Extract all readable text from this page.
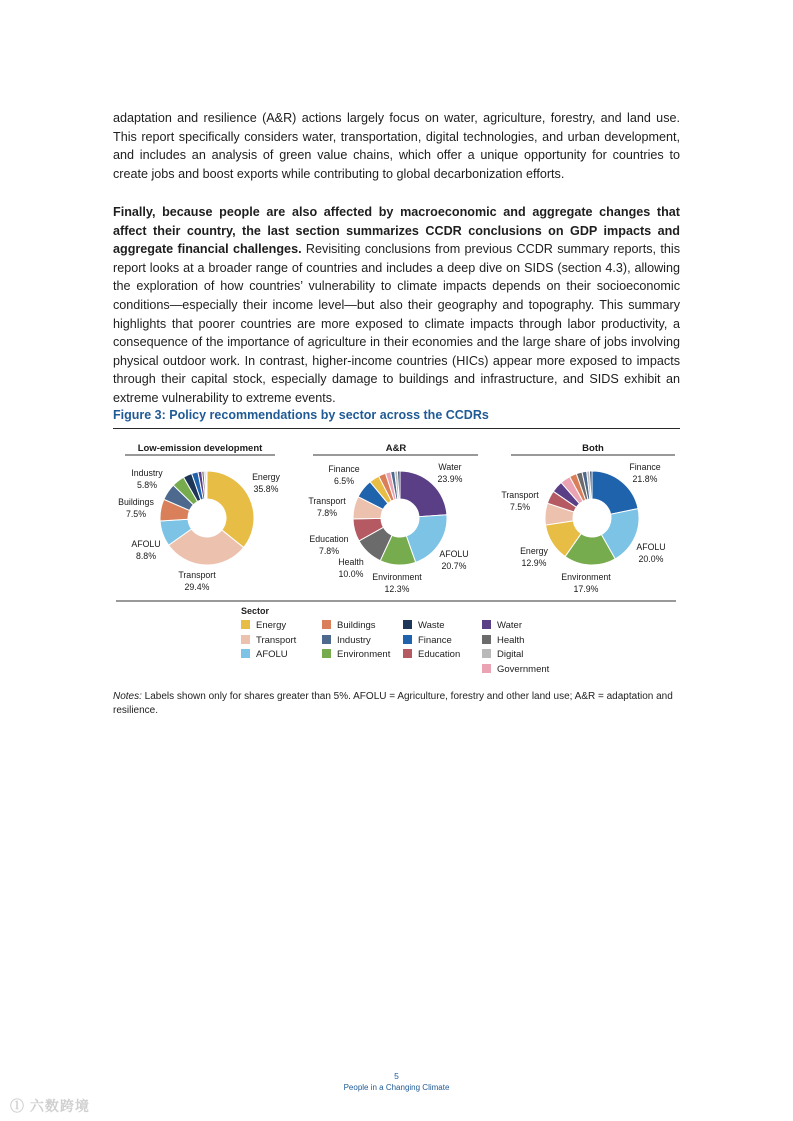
adaptation and resilience (A&R) actions largely focus on water, agriculture, forestry, and land use. This report specifically considers water, transportation, digital technologies, and urban development, and includes an analysis of green value chains, which offer a unique opportunity for countries to create jobs and boost exports while contributing to global decarbonization efforts.

Finally, because people are also affected by macroeconomic and aggregate changes that affect their country, the last section summarizes CCDR conclusions on GDP impacts and aggregate financial challenges. Revisiting conclusions from previous CCDR summary reports, this report looks at a broader range of countries and includes a deep dive on SIDS (section 4.3), allowing the exploration of how countries’ vulnerability to climate impacts depends on their socioeconomic conditions—especially their income level—but also their geography and topography. This summary highlights that poorer countries are more exposed to climate impacts through labor productivity, a consequence of the importance of agriculture in their economies and the large share of jobs involving physical outdoor work. In contrast, higher-income countries (HICs) appear more exposed to impacts through their capital stock, especially damage to buildings and infrastructure, and SIDS exhibit an extreme vulnerability to extreme events.

Figure 3: Policy recommendations by sector across the CCDRs
Low-emission development
Energy 35.8%
Transport 29.4%
AFOLU 8.8%
Buildings 7.5%
Industry 5.8%
A&R
Water 23.9%
AFOLU 20.7%
Environment 12.3%
Health 10.0%
Education 7.8%
Transport 7.8%
Finance 6.5%
Both
Finance 21.8%
AFOLU 20.0%
Environment 17.9%
Energy 12.9%
Transport 7.5%
Sector
Energy
Transport
AFOLU
Buildings
Industry
Environment
Waste
Finance
Education
Water
Health
Digital
Government

Notes: Labels shown only for shares greater than 5%. AFOLU = Agriculture, forestry and other land use; A&R = adaptation and resilience.

5
People in a Changing Climate
ⓛ 六数跨境
